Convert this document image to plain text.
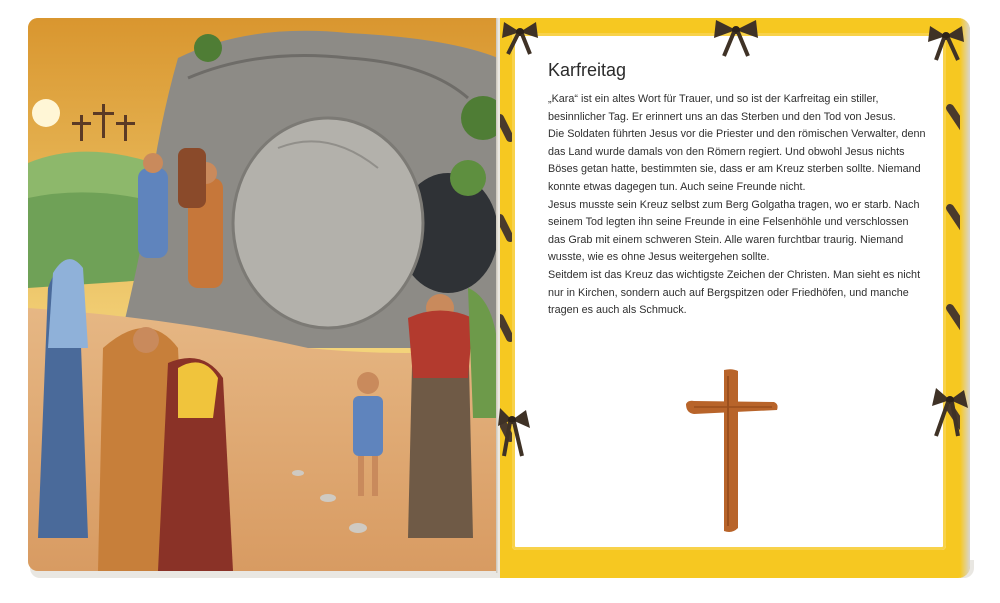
Karfreitag

„Kara“ ist ein altes Wort für Trauer, und so ist der Karfreitag ein stiller, besinnlicher Tag. Er erinnert uns an das Sterben und den Tod von Jesus.

Die Soldaten führten Jesus vor die Priester und den römischen Verwalter, denn das Land wurde damals von den Römern regiert. Und obwohl Jesus nichts Böses getan hatte, bestimmten sie, dass er am Kreuz sterben sollte. Niemand konnte etwas dagegen tun. Auch seine Freunde nicht.

Jesus musste sein Kreuz selbst zum Berg Golgatha tragen, wo er starb. Nach seinem Tod legten ihn seine Freunde in eine Felsenhöhle und verschlossen das Grab mit einem schweren Stein. Alle waren furchtbar traurig. Niemand wusste, wie es ohne Jesus weitergehen sollte.

Seitdem ist das Kreuz das wichtigste Zeichen der Christen. Man sieht es nicht nur in Kirchen, sondern auch auf Bergspitzen oder Friedhöfen, und manche tragen es auch als Schmuck.
